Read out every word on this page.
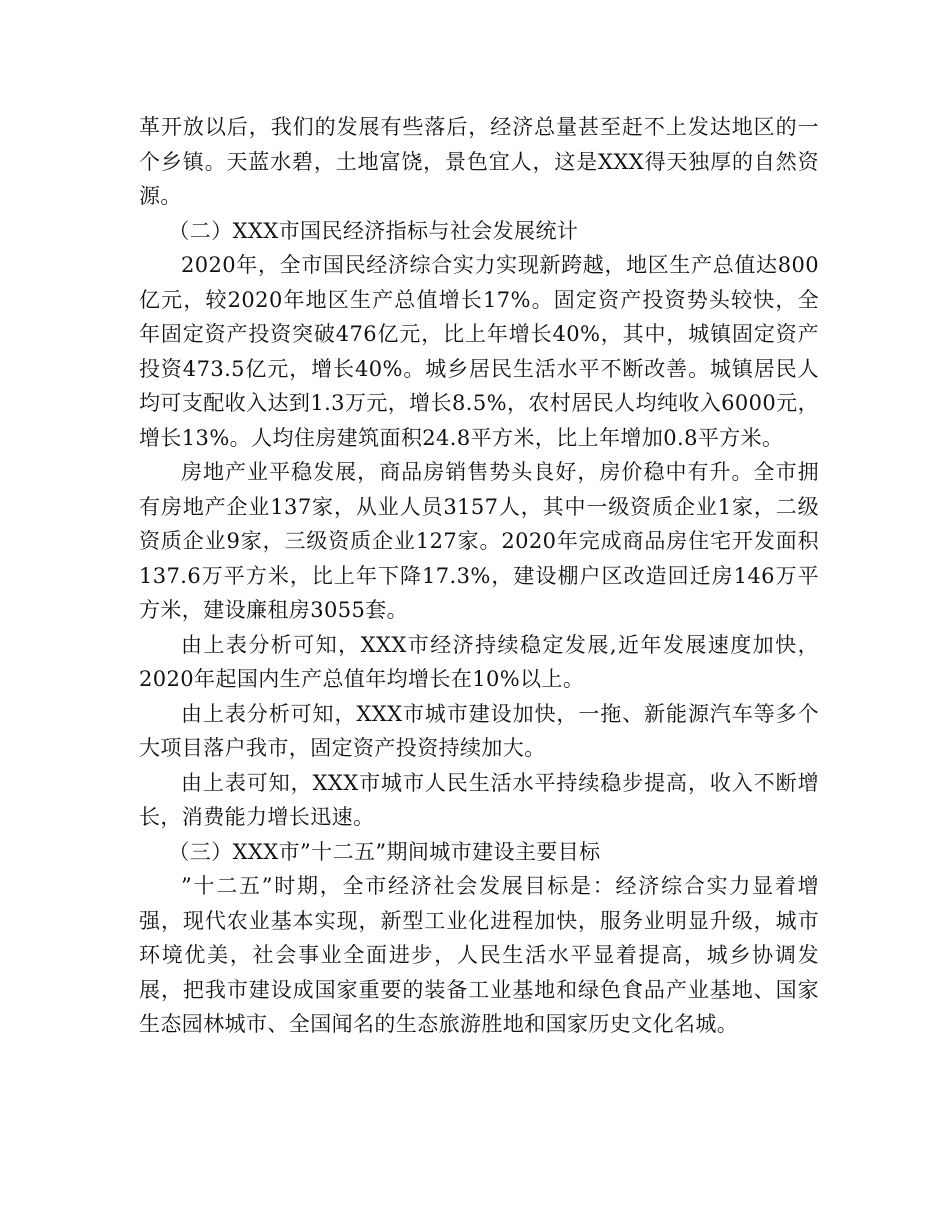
革开放以后，我们的发展有些落后，经济总量甚至赶不上发达地区的一个乡镇。天蓝水碧，土地富饶，景色宜人，这是XXX得天独厚的自然资源。

（二）XXX市国民经济指标与社会发展统计

2020年，全市国民经济综合实力实现新跨越，地区生产总值达800亿元，较2020年地区生产总值增长17%。固定资产投资势头较快，全年固定资产投资突破476亿元，比上年增长40%，其中，城镇固定资产投资473.5亿元，增长40%。城乡居民生活水平不断改善。城镇居民人均可支配收入达到1.3万元，增长8.5%，农村居民人均纯收入6000元，增长13%。人均住房建筑面积24.8平方米，比上年增加0.8平方米。

房地产业平稳发展，商品房销售势头良好，房价稳中有升。全市拥有房地产企业137家，从业人员3157人，其中一级资质企业1家，二级资质企业9家，三级资质企业127家。2020年完成商品房住宅开发面积137.6万平方米，比上年下降17.3%，建设棚户区改造回迁房146万平方米，建设廉租房3055套。

由上表分析可知，XXX市经济持续稳定发展,近年发展速度加快，2020年起国内生产总值年均增长在10%以上。

由上表分析可知，XXX市城市建设加快，一拖、新能源汽车等多个大项目落户我市，固定资产投资持续加大。

由上表可知，XXX市城市人民生活水平持续稳步提高，收入不断增长，消费能力增长迅速。

（三）XXX市”十二五”期间城市建设主要目标

”十二五”时期，全市经济社会发展目标是：经济综合实力显着增强，现代农业基本实现，新型工业化进程加快，服务业明显升级，城市环境优美，社会事业全面进步，人民生活水平显着提高，城乡协调发展，把我市建设成国家重要的装备工业基地和绿色食品产业基地、国家生态园林城市、全国闻名的生态旅游胜地和国家历史文化名城。
